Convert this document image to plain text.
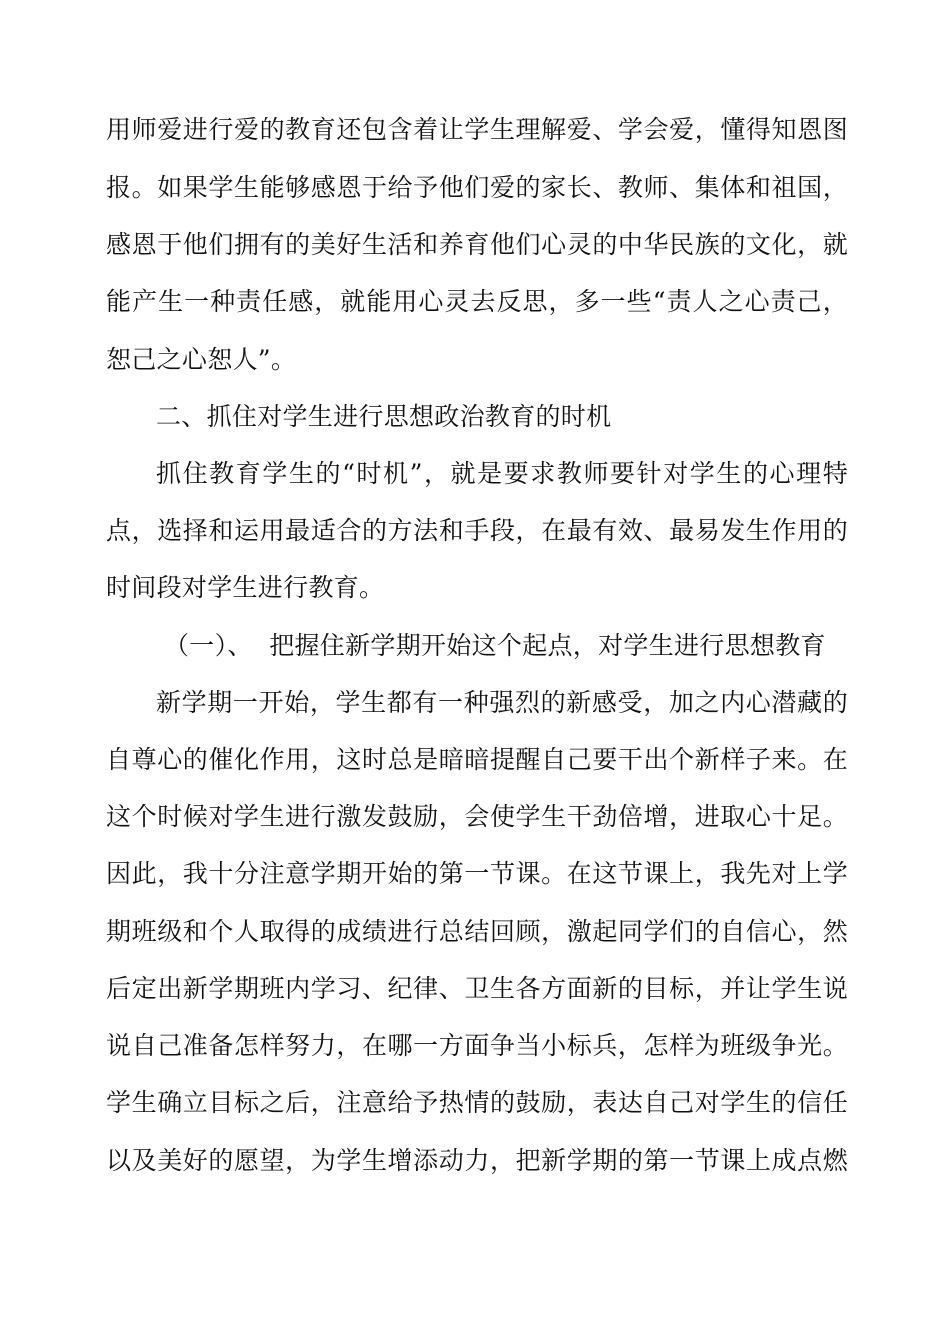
用师爱进行爱的教育还包含着让学生理解爱、学会爱，懂得知恩图
报。如果学生能够感恩于给予他们爱的家长、教师、集体和祖国，
感恩于他们拥有的美好生活和养育他们心灵的中华民族的文化，就
能产生一种责任感，就能用心灵去反思，多一些“责人之心责己，
恕己之心恕人”。
二、抓住对学生进行思想政治教育的时机
抓住教育学生的“时机”，就是要求教师要针对学生的心理特
点，选择和运用最适合的方法和手段，在最有效、最易发生作用的
时间段对学生进行教育。
（一）、  把握住新学期开始这个起点，对学生进行思想教育
新学期一开始，学生都有一种强烈的新感受，加之内心潜藏的
自尊心的催化作用，这时总是暗暗提醒自己要干出个新样子来。在
这个时候对学生进行激发鼓励，会使学生干劲倍增，进取心十足。
因此，我十分注意学期开始的第一节课。在这节课上，我先对上学
期班级和个人取得的成绩进行总结回顾，激起同学们的自信心，然
后定出新学期班内学习、纪律、卫生各方面新的目标，并让学生说
说自己准备怎样努力，在哪一方面争当小标兵，怎样为班级争光。
学生确立目标之后，注意给予热情的鼓励，表达自己对学生的信任
以及美好的愿望，为学生增添动力，把新学期的第一节课上成点燃
